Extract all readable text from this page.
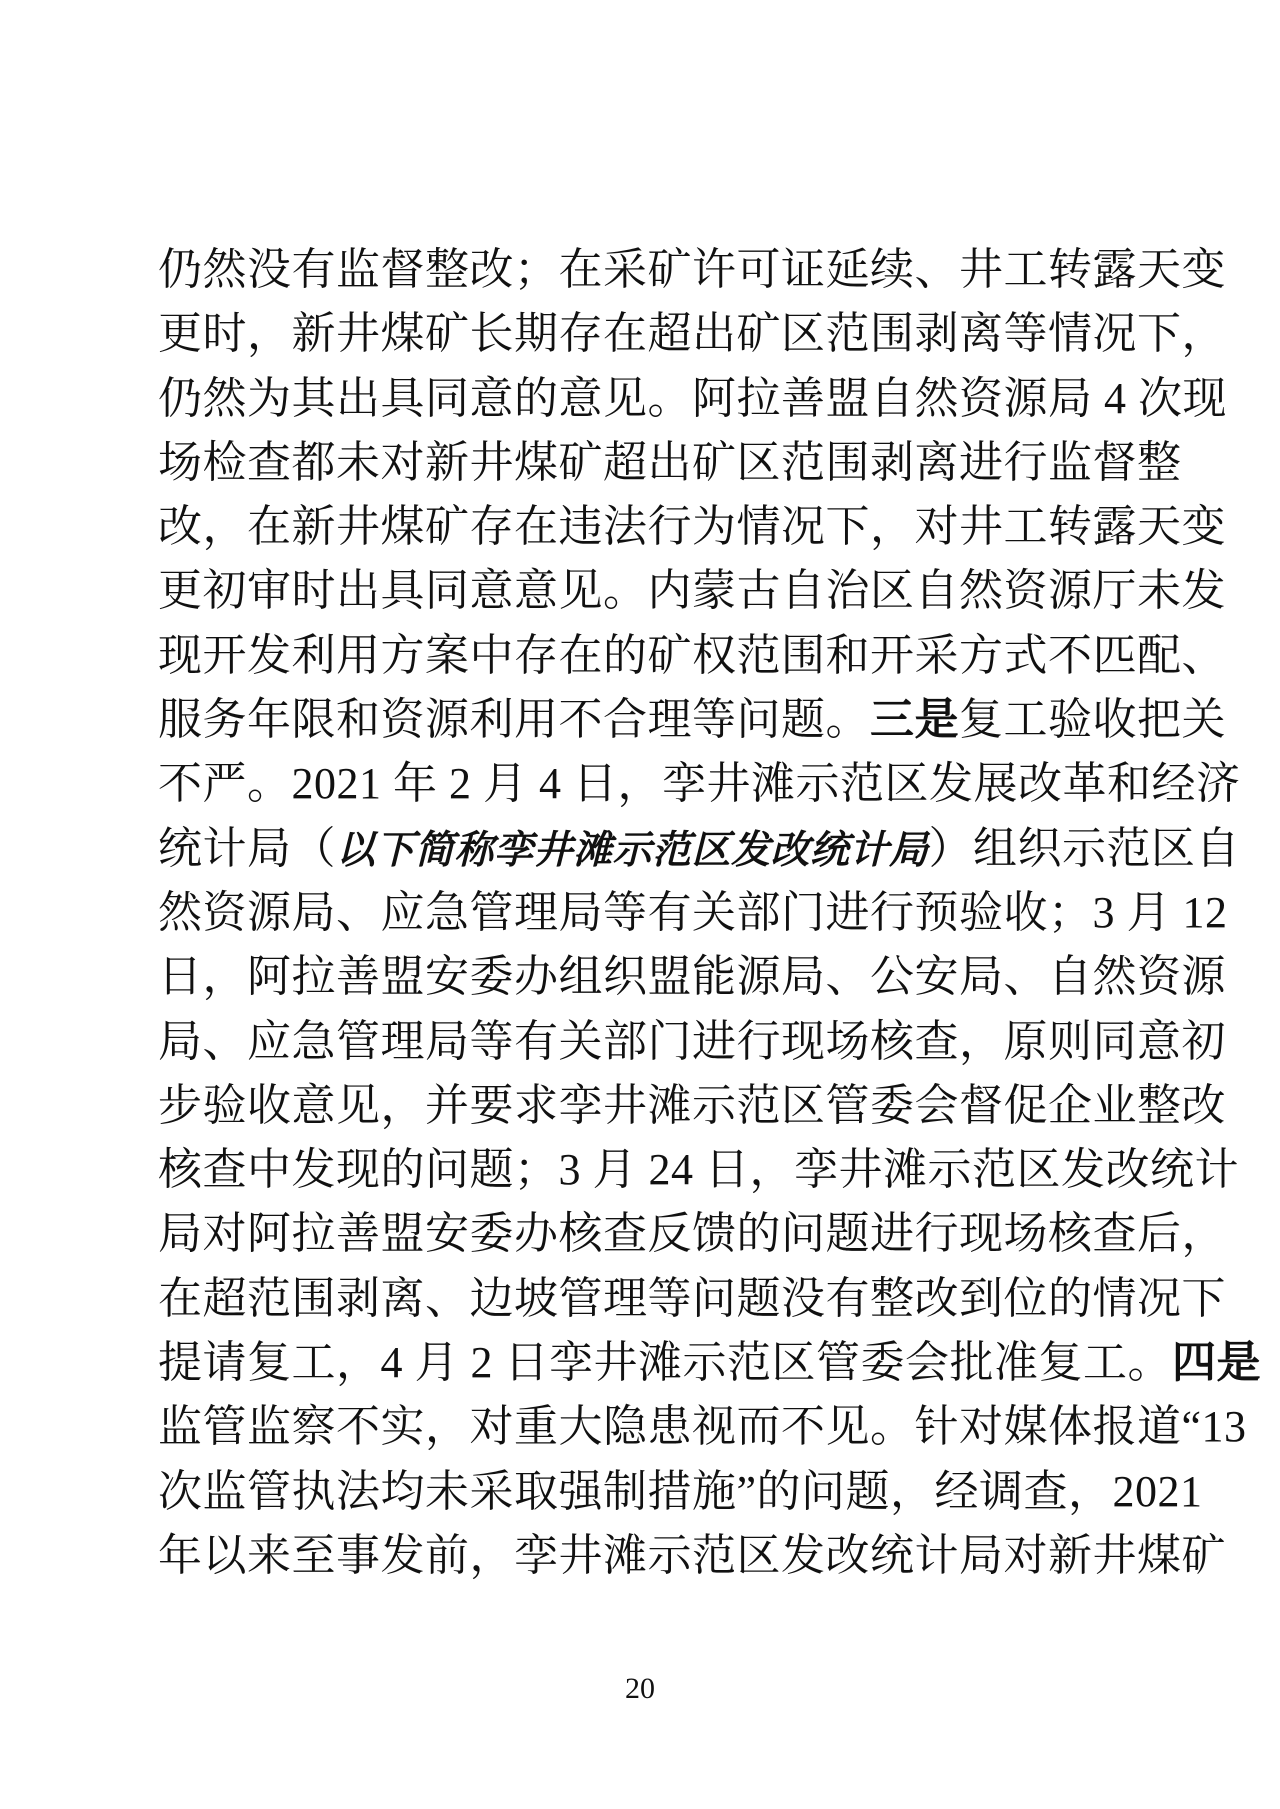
仍然没有监督整改；在采矿许可证延续、井工转露天变
更时，新井煤矿长期存在超出矿区范围剥离等情况下，
仍然为其出具同意的意见。阿拉善盟自然资源局 4 次现
场检查都未对新井煤矿超出矿区范围剥离进行监督整
改，在新井煤矿存在违法行为情况下，对井工转露天变
更初审时出具同意意见。内蒙古自治区自然资源厅未发
现开发利用方案中存在的矿权范围和开采方式不匹配、
服务年限和资源利用不合理等问题。三是复工验收把关
不严。2021 年 2 月 4 日，孪井滩示范区发展改革和经济
统计局（以下简称孪井滩示范区发改统计局）组织示范区自
然资源局、应急管理局等有关部门进行预验收；3 月 12
日，阿拉善盟安委办组织盟能源局、公安局、自然资源
局、应急管理局等有关部门进行现场核查，原则同意初
步验收意见，并要求孪井滩示范区管委会督促企业整改
核查中发现的问题；3 月 24 日，孪井滩示范区发改统计
局对阿拉善盟安委办核查反馈的问题进行现场核查后，
在超范围剥离、边坡管理等问题没有整改到位的情况下
提请复工，4 月 2 日孪井滩示范区管委会批准复工。四是
监管监察不实，对重大隐患视而不见。针对媒体报道“13
次监管执法均未采取强制措施”的问题，经调查，2021
年以来至事发前，孪井滩示范区发改统计局对新井煤矿
20
